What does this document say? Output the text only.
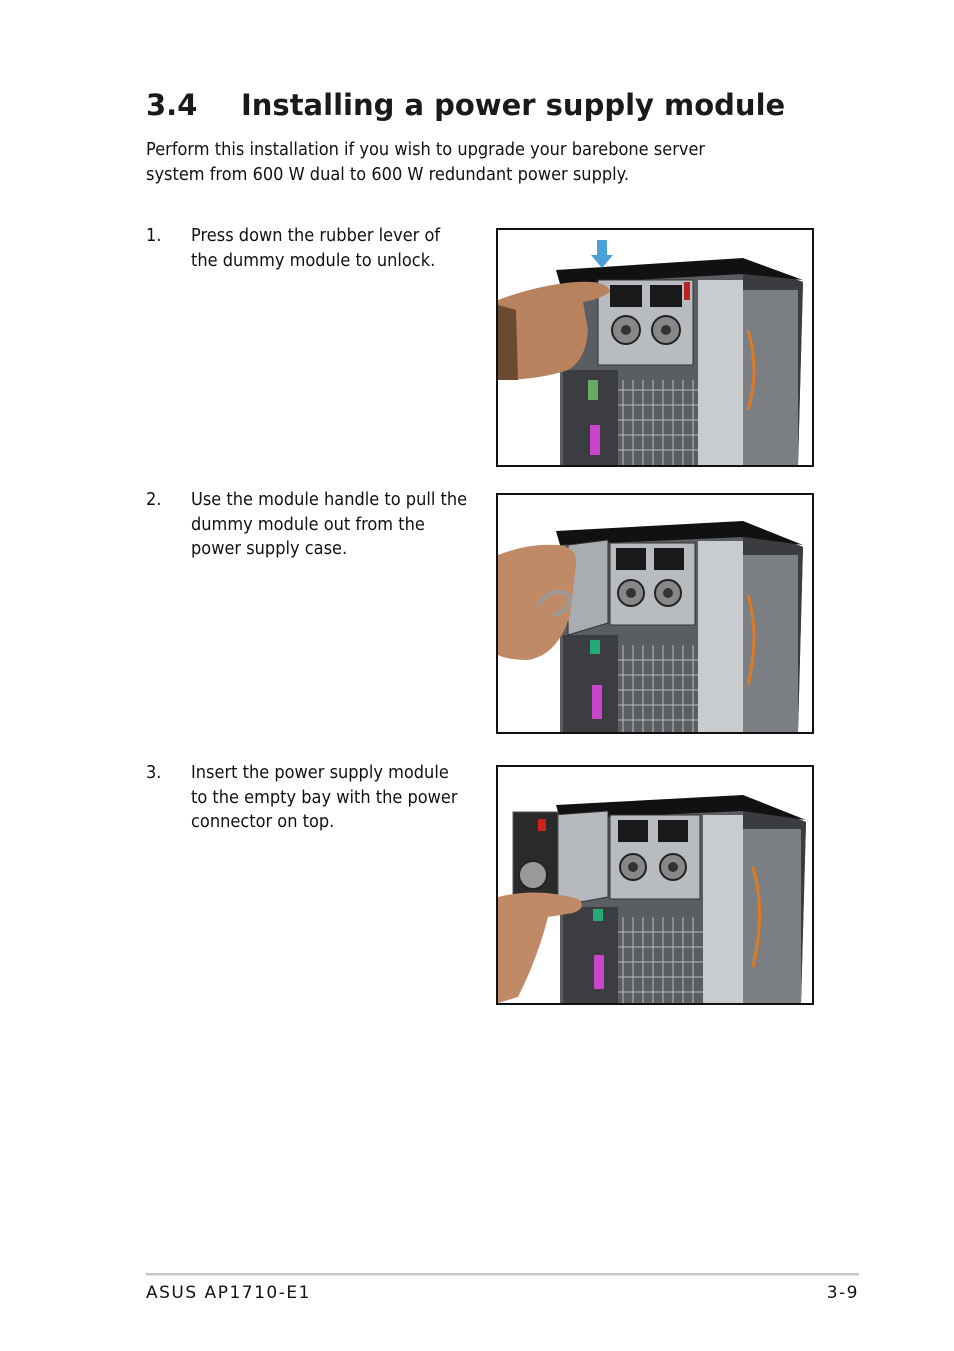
3.4 Installing a power supply module

Perform this installation if you wish to upgrade your barebone server system from 600 W dual to 600 W redundant power supply.

1. Press down the rubber lever of the dummy module to unlock.

2. Use the module handle to pull the dummy module out from the power supply case.

3. Insert the power supply module to the empty bay with the power connector on top.

ASUS AP1710-E1	3-9
